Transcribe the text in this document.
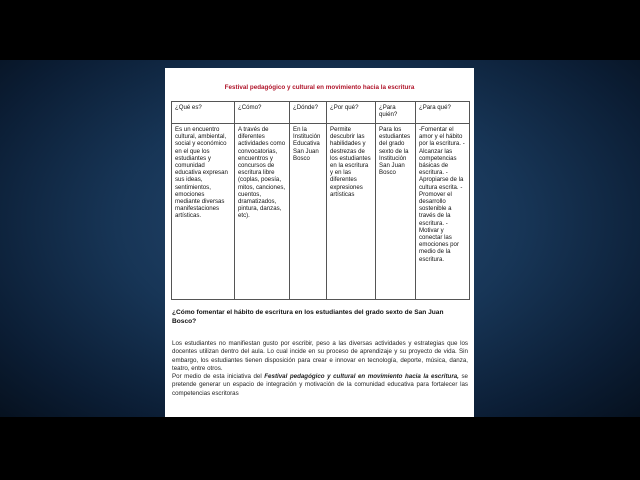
Festival pedagógico y cultural en movimiento hacia la escritura
¿Qué es?	¿Cómo?	¿Dónde?	¿Por qué?	¿Para quién?	¿Para qué?
Es un encuentro cultural, ambiental, social y económico en el que los estudiantes y comunidad educativa expresan sus ideas, sentimientos, emociones mediante diversas manifestaciones artísticas.	A través de diferentes actividades como convocatorias, encuentros y concursos de escritura libre (coplas, poesía, mitos, canciones, cuentos, dramatizados, pintura, danzas, etc).	En la Institución Educativa San Juan Bosco	Permite descubrir las habilidades y destrezas de los estudiantes en la escritura y en las diferentes expresiones artísticas	Para los estudiantes del grado sexto de la Institución San Juan Bosco	-Fomentar el amor y el hábito por la escritura. -Alcanzar las competencias básicas de escritura. - Apropiarse de la cultura escrita. - Promover el desarrollo sostenible a través de la escritura. - Motivar y conectar las emociones por medio de la escritura.
¿Cómo fomentar el hábito de escritura en los estudiantes del grado sexto de San Juan Bosco?
Los estudiantes no manifiestan gusto por escribir, peso a las diversas actividades y estrategias que los docentes utilizan dentro del aula. Lo cual incide en su proceso de aprendizaje y su proyecto de vida. Sin embargo, los estudiantes tienen disposición para crear e innovar en tecnología, deporte, música, danza, teatro, entre otros.
Por medio de esta iniciativa del Festival pedagógico y cultural en movimiento hacia la escritura, se pretende generar un espacio de integración y motivación de la comunidad educativa para fortalecer las competencias escritoras
